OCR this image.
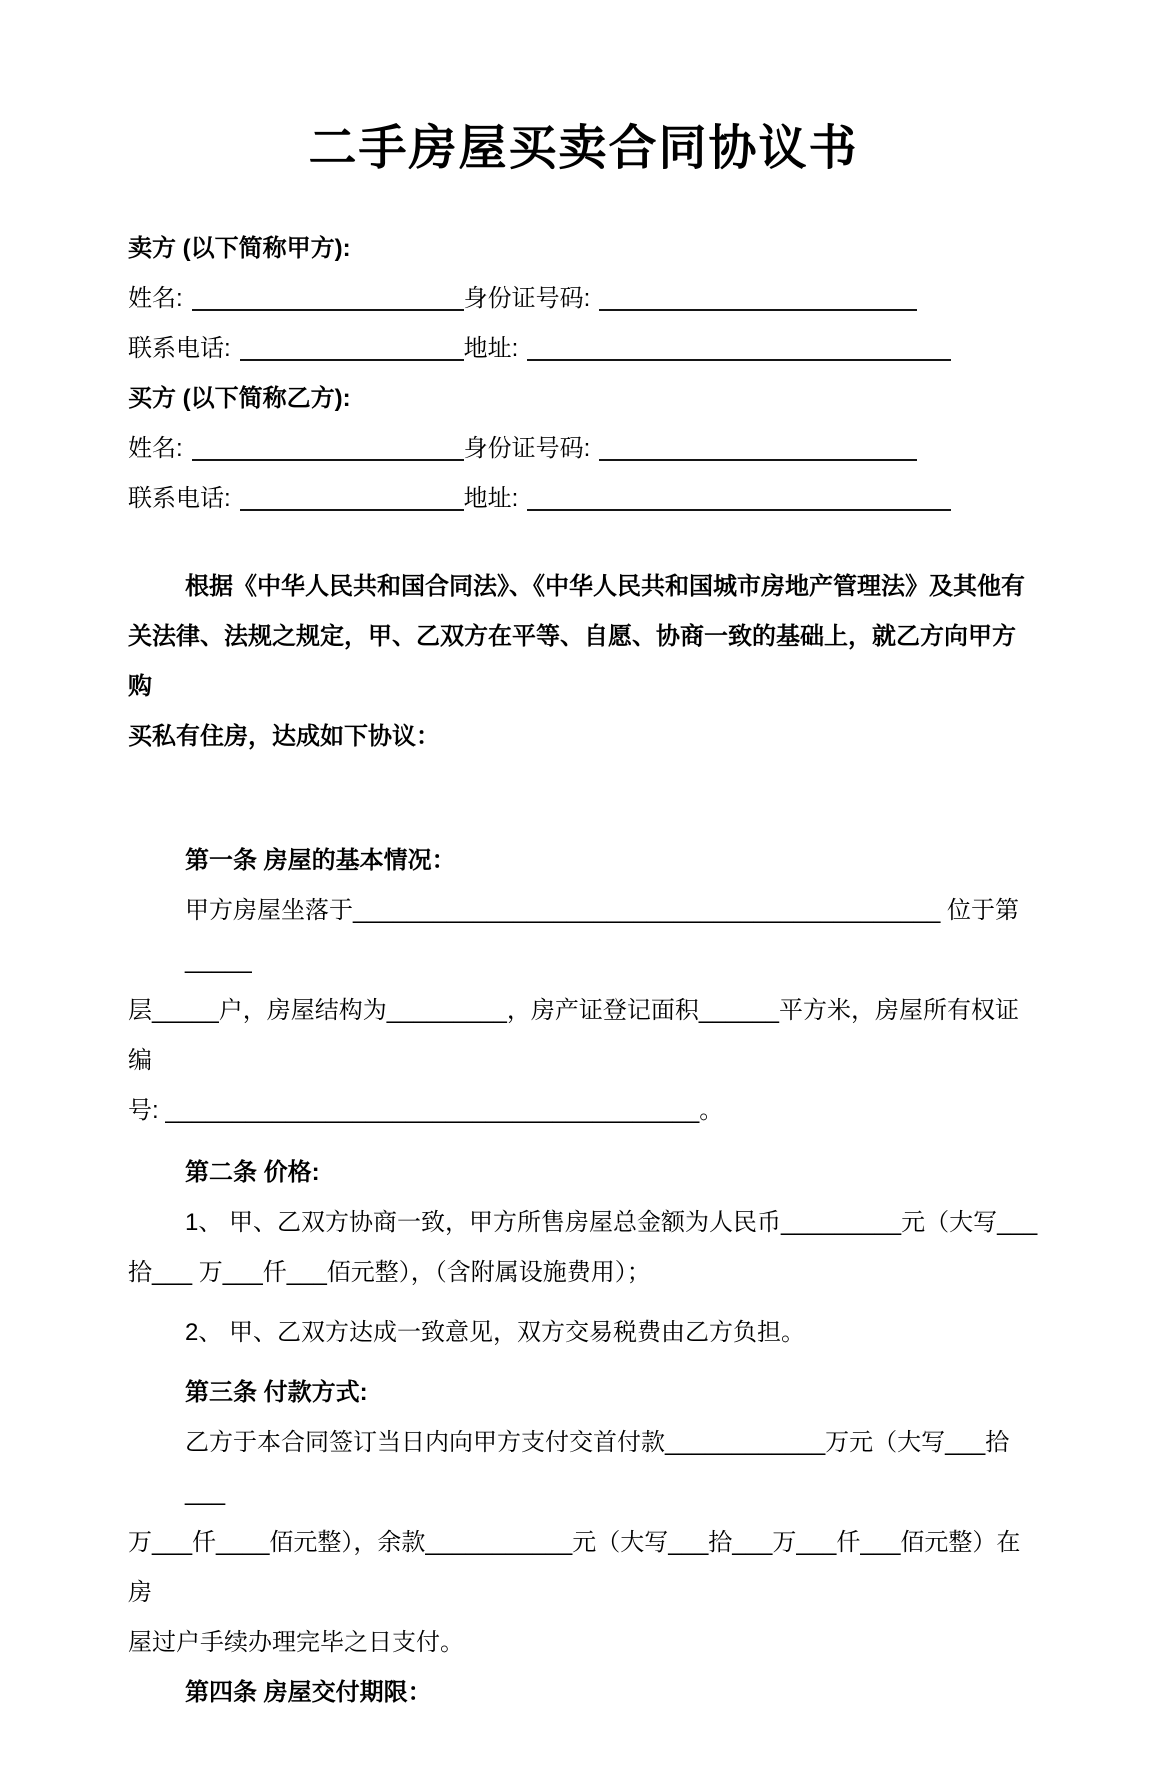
二手房屋买卖合同协议书
卖方 (以下简称甲方):
姓名:	身份证号码:
联系电话:	地址:
买方 (以下简称乙方):
姓名:	身份证号码:
联系电话:	地址:
根据《中华人民共和国合同法》、《中华人民共和国城市房地产管理法》及其他有
关法律、法规之规定，甲、乙双方在平等、自愿、协商一致的基础上，就乙方向甲方购
买私有住房，达成如下协议：
第一条 房屋的基本情况：
甲方房屋坐落于____________________________________________ 位于第_____
层_____户，房屋结构为_________，房产证登记面积______平方米，房屋所有权证编
号: ________________________________________。
第二条 价格:
1、 甲、乙双方协商一致，甲方所售房屋总金额为人民币_________元（大写___
拾___ 万___仟___佰元整），（含附属设施费用）；
2、 甲、乙双方达成一致意见，双方交易税费由乙方负担。
第三条 付款方式:
乙方于本合同签订当日内向甲方支付交首付款____________万元（大写___拾___
万___仟____佰元整），余款___________元（大写___拾___万___仟___佰元整）在房
屋过户手续办理完毕之日支付。
第四条 房屋交付期限：
